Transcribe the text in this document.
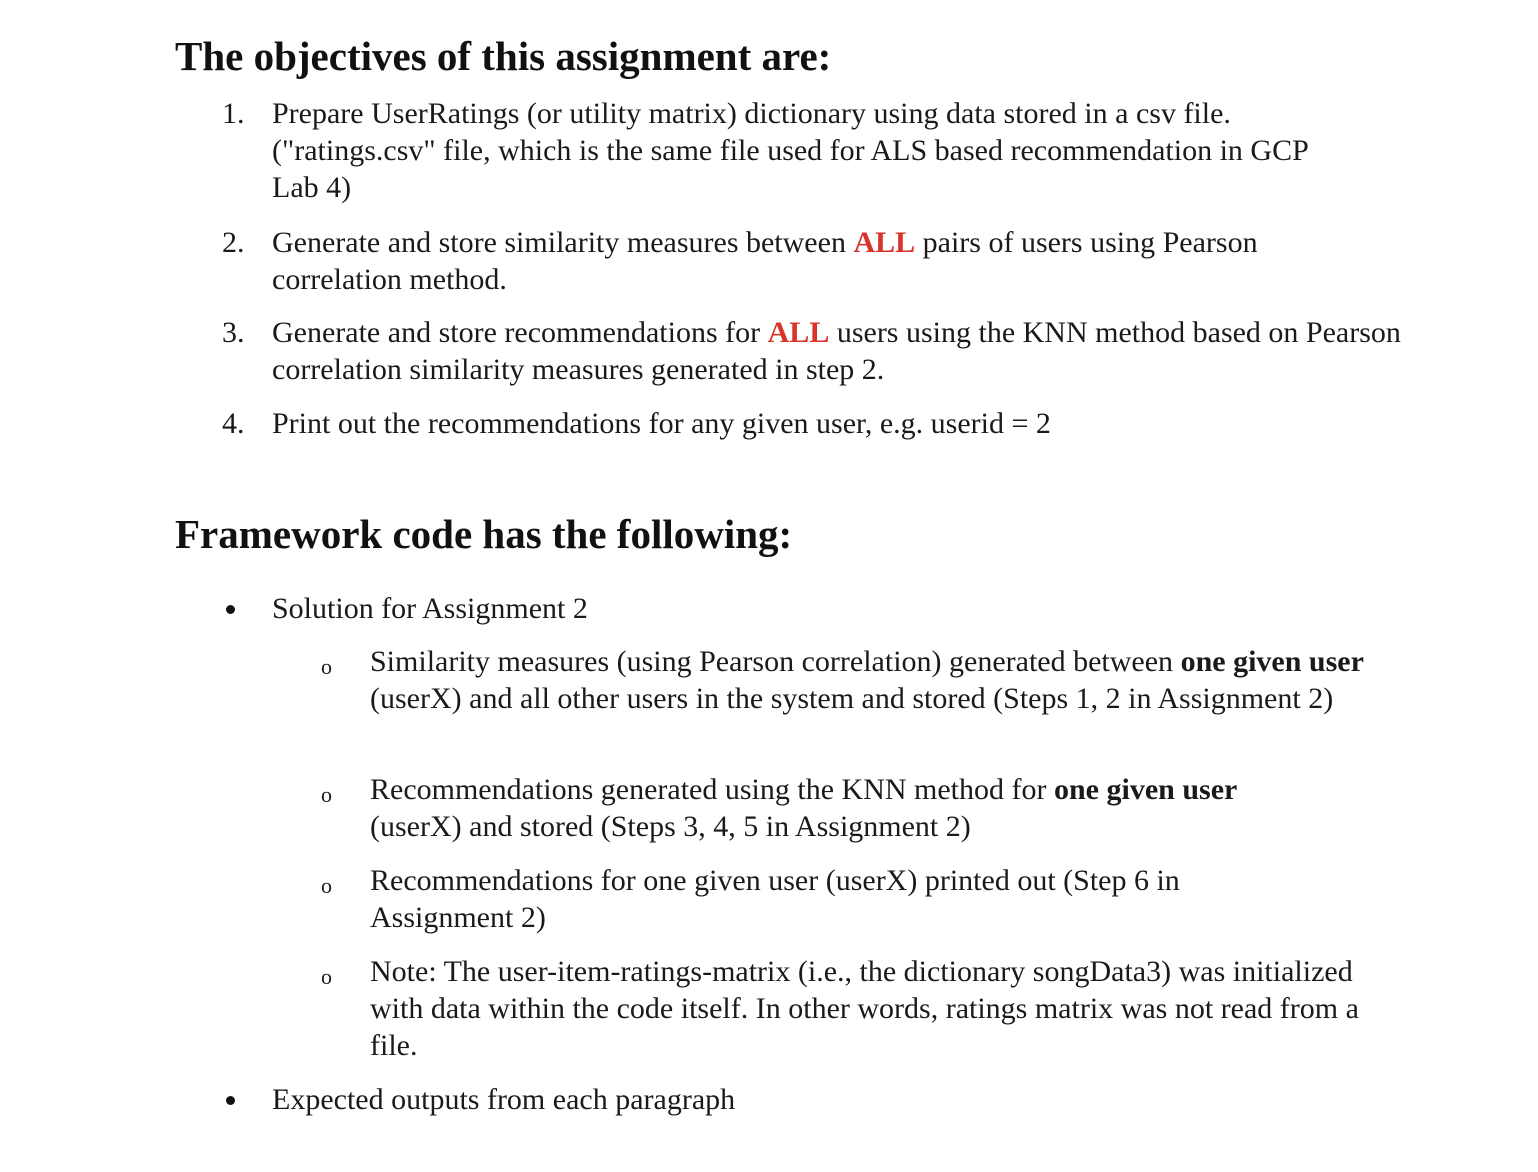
The objectives of this assignment are:
1. Prepare UserRatings (or utility matrix) dictionary using data stored in a csv file. ("ratings.csv" file, which is the same file used for ALS based recommendation in GCP Lab 4)
2. Generate and store similarity measures between ALL pairs of users using Pearson correlation method.
3. Generate and store recommendations for ALL users using the KNN method based on Pearson correlation similarity measures generated in step 2.
4. Print out the recommendations for any given user, e.g. userid = 2
Framework code has the following:
Solution for Assignment 2
o Similarity measures (using Pearson correlation) generated between one given user (userX) and all other users in the system and stored (Steps 1, 2 in Assignment 2)
o Recommendations generated using the KNN method for one given user (userX) and stored (Steps 3, 4, 5 in Assignment 2)
o Recommendations for one given user (userX) printed out (Step 6 in Assignment 2)
o Note: The user-item-ratings-matrix (i.e., the dictionary songData3) was initialized with data within the code itself. In other words, ratings matrix was not read from a file.
Expected outputs from each paragraph
